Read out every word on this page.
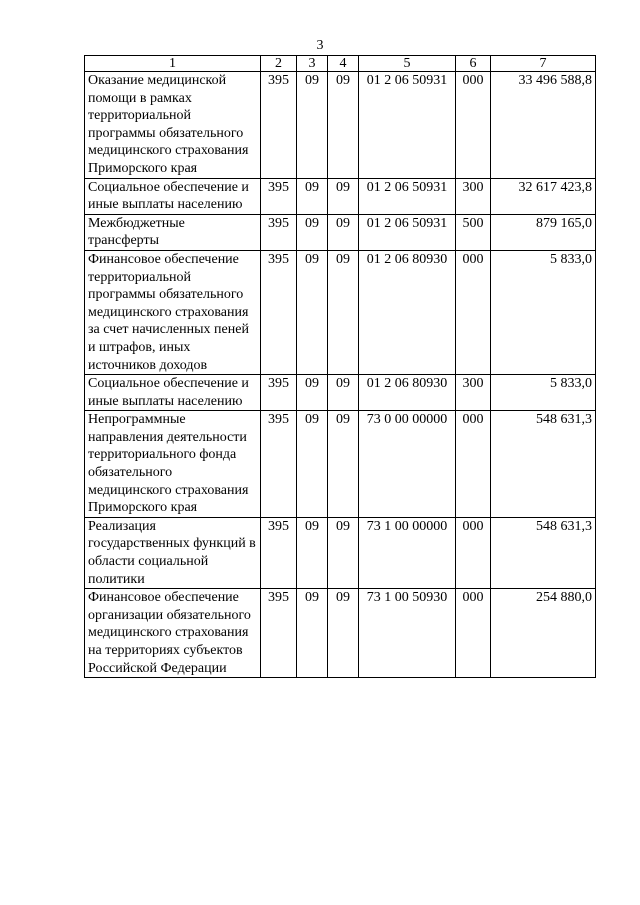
3
1	2	3	4	5	6	7
Оказание медицинской помощи в рамках территориальной программы обязательного медицинского страхования Приморского края	395	09	09	01 2 06 50931	000	33 496 588,8
Социальное обеспечение и иные выплаты населению	395	09	09	01 2 06 50931	300	32 617 423,8
Межбюджетные трансферты	395	09	09	01 2 06 50931	500	879 165,0
Финансовое обеспечение территориальной программы обязательного медицинского страхования за счет начисленных пеней и штрафов, иных источников доходов	395	09	09	01 2 06 80930	000	5 833,0
Социальное обеспечение и иные выплаты населению	395	09	09	01 2 06 80930	300	5 833,0
Непрограммные направления деятельности территориального фонда обязательного медицинского страхования Приморского края	395	09	09	73 0 00 00000	000	548 631,3
Реализация государственных функций в области социальной политики	395	09	09	73 1 00 00000	000	548 631,3
Финансовое обеспечение организации обязательного медицинского страхования на территориях субъектов Российской Федерации	395	09	09	73 1 00 50930	000	254 880,0
